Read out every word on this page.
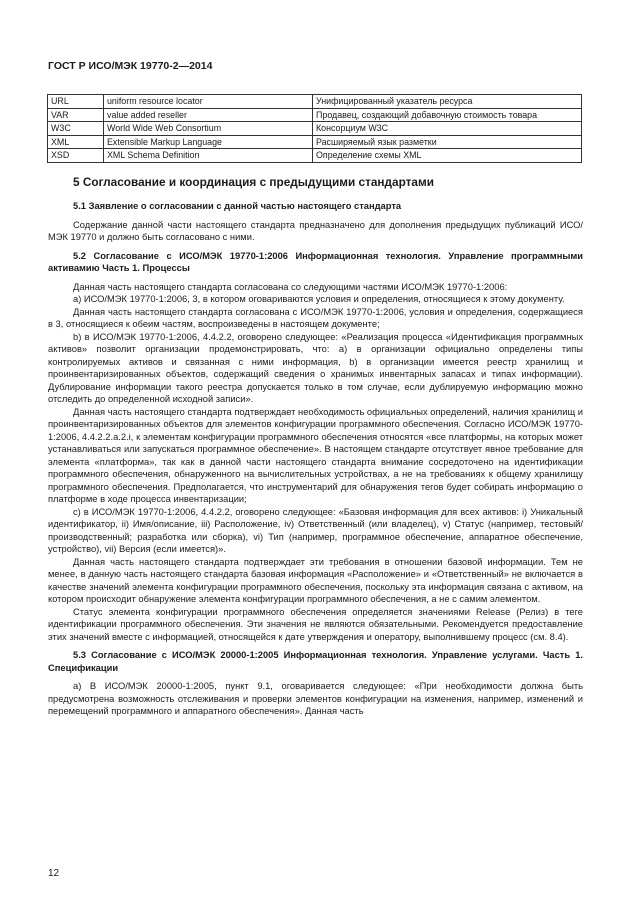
ГОСТ Р ИСО/МЭК 19770-2—2014
URL	uniform resource locator	Унифицированный указатель ресурса
VAR	value added reseller	Продавец, создающий добавочную стоимость товара
W3C	World Wide Web Consortium	Консорциум W3C
XML	Extensible Markup Language	Расширяемый язык разметки
XSD	XML Schema Definition	Определение схемы XML

5 Согласование и координация с предыдущими стандартами

5.1 Заявление о согласовании с данной частью настоящего стандарта

Содержание данной части настоящего стандарта предназначено для дополнения предыдущих публикаций ИСО/МЭК 19770 и должно быть согласовано с ними.

5.2 Согласование с ИСО/МЭК 19770-1:2006 Информационная технология. Управление программными активамию Часть 1. Процессы

Данная часть настоящего стандарта согласована со следующими частями ИСО/МЭК 19770-1:2006:

а) ИСО/МЭК 19770-1:2006, 3, в котором оговариваются условия и определения, относящиеся к этому документу.

Данная часть настоящего стандарта согласована с ИСО/МЭК 19770-1:2006, условия и определения, содержащиеся в 3, относящиеся к обеим частям, воспроизведены в настоящем документе;

b) в ИСО/МЭК 19770-1:2006, 4.4.2.2, оговорено следующее: «Реализация процесса «Идентификация программных активов» позволит организации продемонстрировать, что: а) в организации официально определены типы контролируемых активов и связанная с ними информация, b) в организации имеется реестр хранилищ и проинвентаризированных объектов, содержащий сведения о хранимых инвентарных запасах и типах информации). Дублирование информации такого реестра допускается только в том случае, если дублируемую информацию можно отследить до определенной исходной записи».

Данная часть настоящего стандарта подтверждает необходимость официальных определений, наличия хранилищ и проинвентаризированных объектов для элементов конфигурации программного обеспечения. Согласно ИСО/МЭК 19770-1:2006, 4.4.2.2.a.2.i, к элементам конфигурации программного обеспечения относятся «все платформы, на которых может устанавливаться или запускаться программное обеспечение». В настоящем стандарте отсутствует явное требование для элемента «платформа», так как в данной части настоящего стандарта внимание сосредоточено на идентификации программного обеспечения, обнаруженного на вычислительных устройствах, а не на требованиях к общему хранилищу программного обеспечения. Предполагается, что инструментарий для обнаружения тегов будет собирать информацию о платформе в ходе процесса инвентаризации;

c) в ИСО/МЭК 19770-1:2006, 4.4.2.2, оговорено следующее: «Базовая информация для всех активов: i) Уникальный идентификатор, ii) Имя/описание, iii) Расположение, iv) Ответственный (или владелец), v) Статус (например, тестовый/производственный; разработка или сборка), vi) Тип (например, программное обеспечение, аппаратное обеспечение, устройство), vii) Версия (если имеется)».

Данная часть настоящего стандарта подтверждает эти требования в отношении базовой информации. Тем не менее, в данную часть настоящего стандарта базовая информация «Расположение» и «Ответственный» не включается в качестве значений элемента конфигурации программного обеспечения, поскольку эта информация связана с активом, на котором происходит обнаружение элемента конфигурации программного обеспечения, а не с самим элементом.

Статус элемента конфигурации программного обеспечения определяется значениями Release (Релиз) в теге идентификации программного обеспечения. Эти значения не являются обязательными. Рекомендуется предоставление этих значений вместе с информацией, относящейся к дате утверждения и оператору, выполнившему процесс (см. 8.4).

5.3 Согласование с ИСО/МЭК 20000-1:2005 Информационная технология. Управление услугами. Часть 1. Спецификации

а) В ИСО/МЭК 20000-1:2005, пункт 9.1, оговаривается следующее: «При необходимости должна быть предусмотрена возможность отслеживания и проверки элементов конфигурации на изменения, например, изменений и перемещений программного и аппаратного обеспечения». Данная часть

12
